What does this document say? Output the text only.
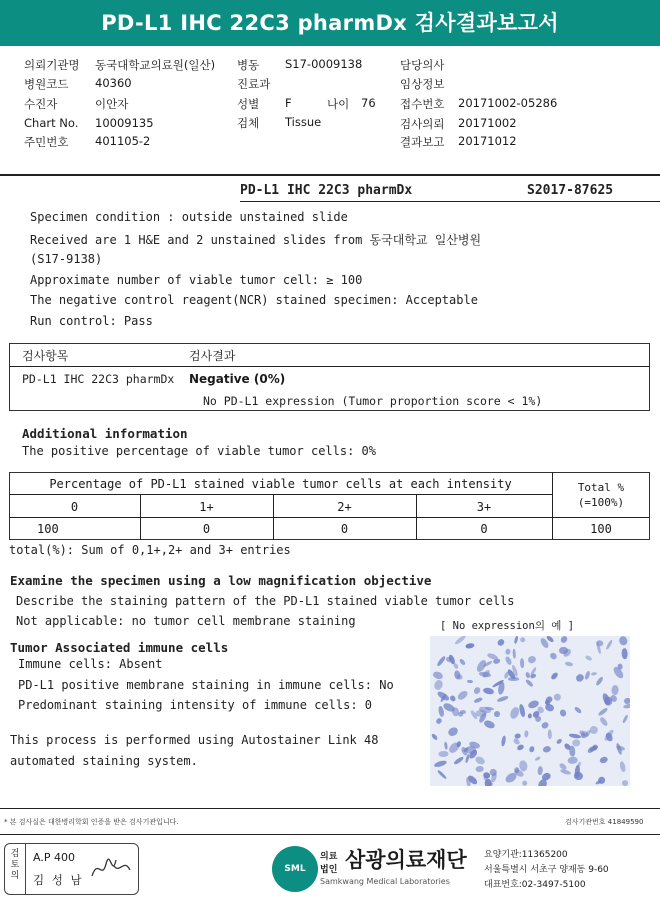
PD-L1 IHC 22C3 pharmDx 검사결과보고서
의뢰기관명 동국대학교의료원(일산)
병원코드 40360
수진자	이안자
Chart No. 10009135
주민번호 401105-2
병동 S17-0009138
진료과
성별 F	나이 76
검체 Tissue
담당의사
임상정보
접수번호 20171002-05286
검사의뢰 20171002
결과보고 20171012
PD-L1 IHC 22C3 pharmDx	S2017-87625
Specimen condition : outside unstained slide
Received are 1 H&E and 2 unstained slides from 동국대학교 일산병원
(S17-9138)
Approximate number of viable tumor cell: ≥ 100
The negative control reagent(NCR) stained specimen: Acceptable
Run control: Pass
검사항목	검사결과
PD-L1 IHC 22C3 pharmDx Negative (0%)
No PD-L1 expression (Tumor proportion score < 1%)
Additional information
The positive percentage of viable tumor cells: 0%
Percentage of PD-L1 stained viable tumor cells at each intensity	Total %
(=100%)
0	1+	2+	3+
100	0	0	0	100
total(%): Sum of 0,1+,2+ and 3+ entries
Examine the specimen using a low magnification objective
Describe the staining pattern of the PD-L1 stained viable tumor cells
Not applicable: no tumor cell membrane staining	[ No expression의 예 ]
Tumor Associated immune cells
Immune cells: Absent
PD-L1 positive membrane staining in immune cells: No
Predominant staining intensity of immune cells: 0
This process is performed using Autostainer Link 48
automated staining system.
* 본 검사실은 대한병리학회 인증을 받은 검사기관입니다.	검사기관번호 41849590
검토의
A.P 400
김 성 남
SML
의료
법인 삼광의료재단
Samkwang Medical Laboratories
요양기관:11365200
서울특별시 서초구 양재동 9-60
대표번호:02-3497-5100
